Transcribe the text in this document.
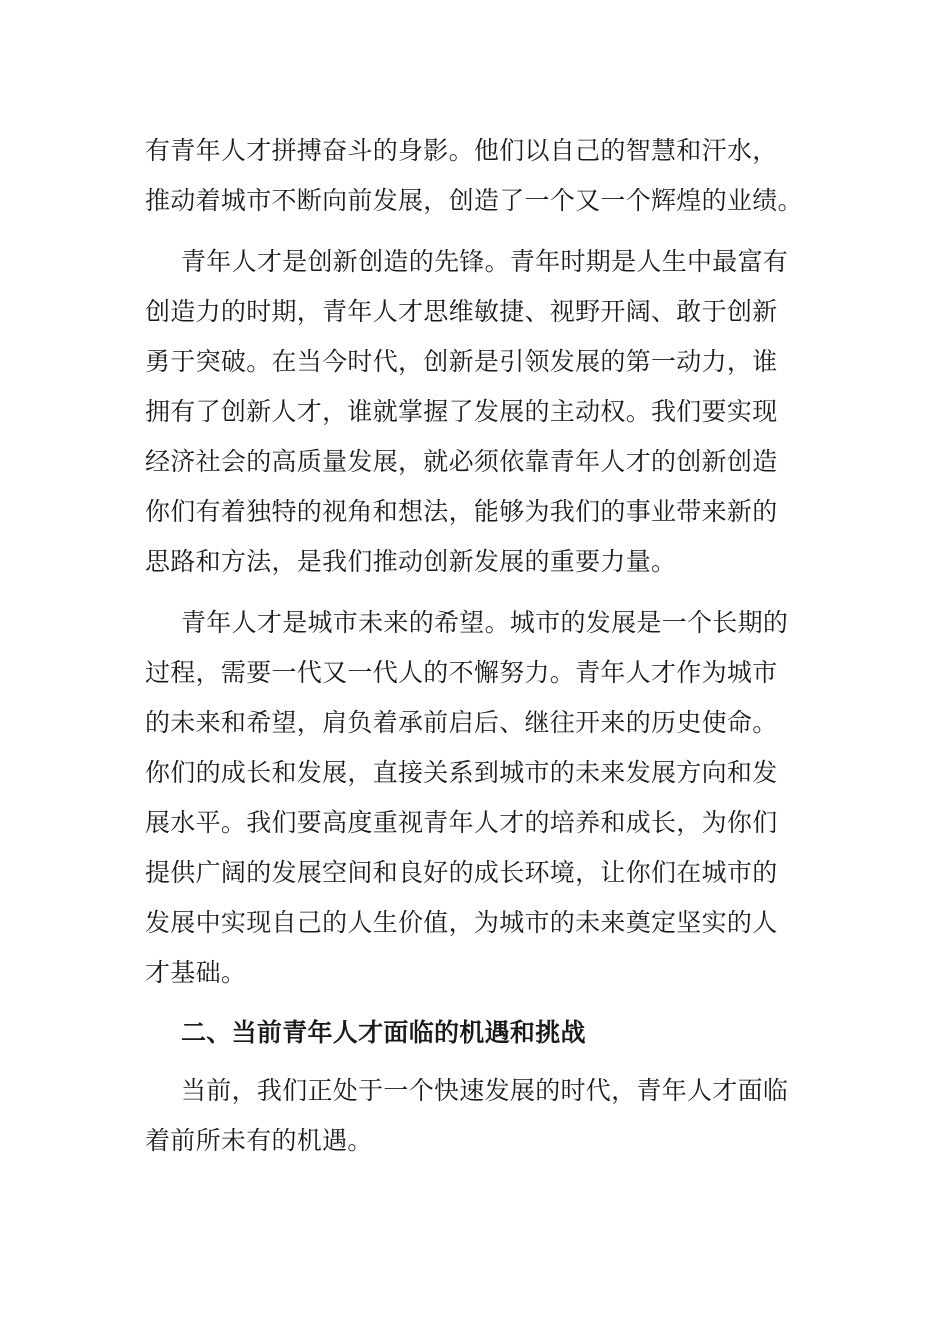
有青年人才拼搏奋斗的身影。他们以自己的智慧和汗水，
推动着城市不断向前发展，创造了一个又一个辉煌的业绩。
青年人才是创新创造的先锋。青年时期是人生中最富有
创造力的时期，青年人才思维敏捷、视野开阔、敢于创新
勇于突破。在当今时代，创新是引领发展的第一动力，谁
拥有了创新人才，谁就掌握了发展的主动权。我们要实现
经济社会的高质量发展，就必须依靠青年人才的创新创造
你们有着独特的视角和想法，能够为我们的事业带来新的
思路和方法，是我们推动创新发展的重要力量。
青年人才是城市未来的希望。城市的发展是一个长期的
过程，需要一代又一代人的不懈努力。青年人才作为城市
的未来和希望，肩负着承前启后、继往开来的历史使命。
你们的成长和发展，直接关系到城市的未来发展方向和发
展水平。我们要高度重视青年人才的培养和成长，为你们
提供广阔的发展空间和良好的成长环境，让你们在城市的
发展中实现自己的人生价值，为城市的未来奠定坚实的人
才基础。
二、当前青年人才面临的机遇和挑战
当前，我们正处于一个快速发展的时代，青年人才面临
着前所未有的机遇。
